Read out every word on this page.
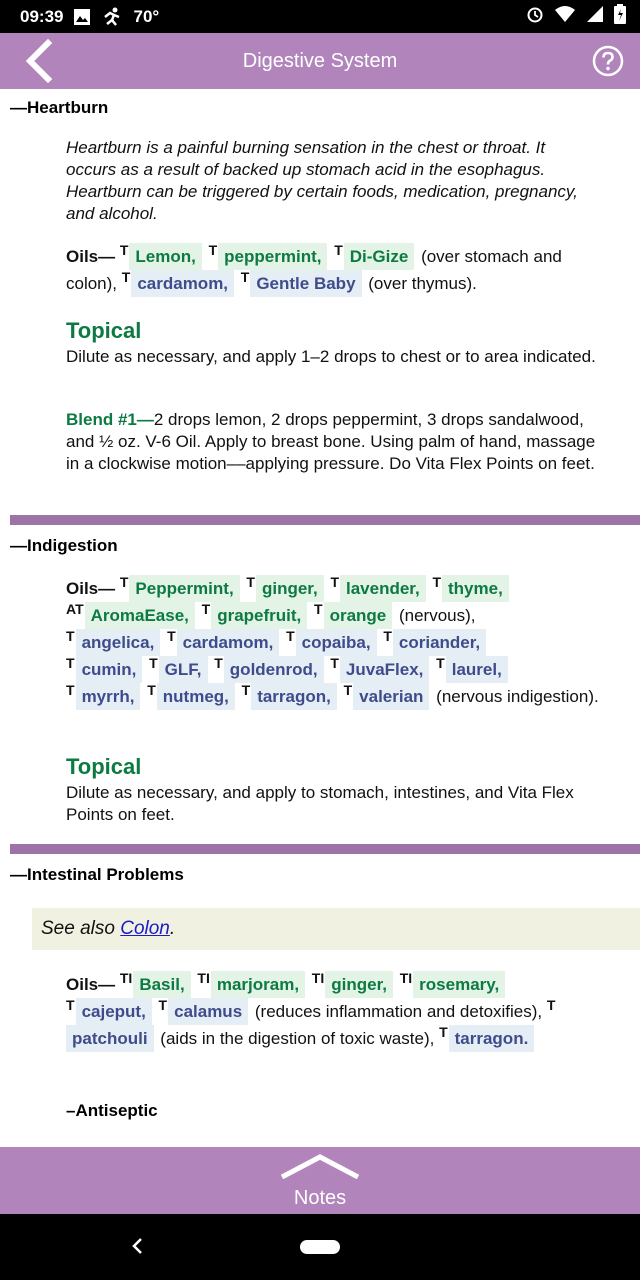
09:39	70°
Digestive System
—Heartburn
Heartburn is a painful burning sensation in the chest or throat. It occurs as a result of backed up stomach acid in the esophagus. Heartburn can be triggered by certain foods, medication, pregnancy, and alcohol.
Oils— $^T$ Lemon, $^T$ peppermint, $^T$ Di-Gize (over stomach and colon), $^T$ cardamom, $^T$ Gentle Baby (over thymus).
Topical
Dilute as necessary, and apply 1–2 drops to chest or to area indicated.
Blend #1—2 drops lemon, 2 drops peppermint, 3 drops sandalwood, and ½ oz. V-6 Oil. Apply to breast bone. Using palm of hand, massage in a clockwise motion––applying pressure. Do Vita Flex Points on feet.
—Indigestion
Oils— $^T$ Peppermint, $^T$ ginger, $^T$ lavender, $^T$ thyme,
$^{AT}$ AromaEase, $^T$ grapefruit, $^T$ orange (nervous),
$^T$ angelica, $^T$ cardamom, $^T$ copaiba, $^T$ coriander,
$^T$ cumin, $^T$ GLF, $^T$ goldenrod, $^T$ JuvaFlex, $^T$ laurel,
$^T$ myrrh, $^T$ nutmeg, $^T$ tarragon, $^T$ valerian (nervous indigestion).
Topical
Dilute as necessary, and apply to stomach, intestines, and Vita Flex Points on feet.
—Intestinal Problems
See also Colon.
Oils— $^{TI}$ Basil, $^{TI}$ marjoram, $^{TI}$ ginger, $^{TI}$ rosemary,
$^T$ cajeput, $^T$ calamus (reduces inflammation and detoxifies), $^T$patchouli (aids in the digestion of toxic waste), $^T$ tarragon.
–Antiseptic
Notes
